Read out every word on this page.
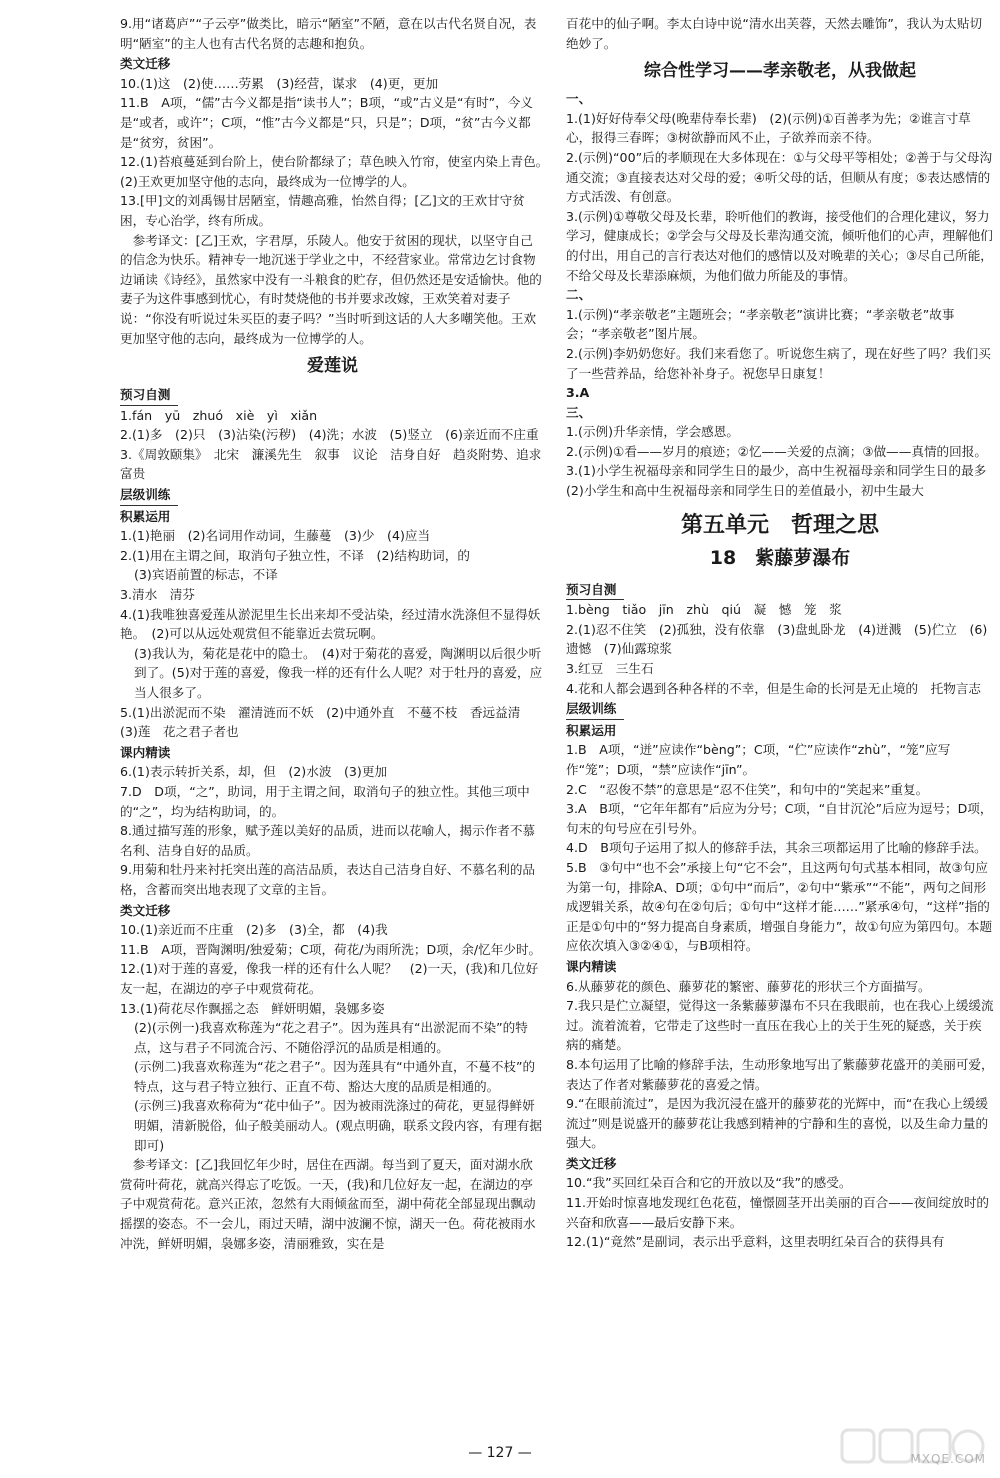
9.用“诸葛庐”“子云亭”做类比，暗示“陋室”不陋，意在以古代名贤自况，表明“陋室”的主人也有古代名贤的志趣和抱负。

类文迁移

10.(1)这　(2)使……劳累　(3)经营，谋求　(4)更，更加

11.B　A项，“儒”古今义都是指“读书人”；B项，“或”古义是“有时”，今义是“或者，或许”；C项，“惟”古今义都是“只，只是”；D项，“贫”古今义都是“贫穷，贫困”。

12.(1)苔痕蔓延到台阶上，使台阶都绿了；草色映入竹帘，使室内染上青色。　(2)王欢更加坚守他的志向，最终成为一位博学的人。

13.[甲]文的刘禹锡甘居陋室，情趣高雅，怡然自得；[乙]文的王欢甘守贫困，专心治学，终有所成。

　参考译文：[乙]王欢，字君厚，乐陵人。他安于贫困的现状，以坚守自己的信念为快乐。精神专一地沉迷于学业之中，不经营家业。常常边乞讨食物边诵读《诗经》，虽然家中没有一斗粮食的贮存，但仍然还是安适愉快。他的妻子为这件事感到忧心，有时焚烧他的书并要求改嫁，王欢笑着对妻子说：“你没有听说过朱买臣的妻子吗？”当时听到这话的人大多嘲笑他。王欢更加坚守他的志向，最终成为一位博学的人。

爱莲说
预习自测

1.fán　yū　zhuó　xiè　yì　xiǎn

2.(1)多　(2)只　(3)沾染(污秽)　(4)洗；水波　(5)竖立　(6)亲近而不庄重

3.《周敦颐集》　北宋　濂溪先生　叙事　议论　洁身自好　趋炎附势、追求富贵

层级训练
积累运用

1.(1)艳丽　(2)名词用作动词，生藤蔓　(3)少　(4)应当

2.(1)用在主谓之间，取消句子独立性，不译　(2)结构助词，的

(3)宾语前置的标志，不译

3.清水　清芬

4.(1)我唯独喜爱莲从淤泥里生长出来却不受沾染，经过清水洗涤但不显得妖艳。　(2)可以从远处观赏但不能靠近去赏玩啊。

(3)我认为，菊花是花中的隐士。　(4)对于菊花的喜爱，陶渊明以后很少听到了。(5)对于莲的喜爱，像我一样的还有什么人呢？对于牡丹的喜爱，应当人很多了。

5.(1)出淤泥而不染　濯清涟而不妖　(2)中通外直　不蔓不枝　香远益清　(3)莲　花之君子者也

课内精读

6.(1)表示转折关系，却，但　(2)水波　(3)更加

7.D　D项，“之”，助词，用于主谓之间，取消句子的独立性。其他三项中的“之”，均为结构助词，的。

8.通过描写莲的形象，赋予莲以美好的品质，进而以花喻人，揭示作者不慕名利、洁身自好的品质。

9.用菊和牡丹来衬托突出莲的高洁品质，表达自己洁身自好、不慕名利的品格，含蓄而突出地表现了文章的主旨。

类文迁移

10.(1)亲近而不庄重　(2)多　(3)全，都　(4)我

11.B　A项，晋陶渊明/独爱菊；C项，荷花/为雨所洗；D项，余/忆年少时。

12.(1)对于莲的喜爱，像我一样的还有什么人呢？　(2)一天，(我)和几位好友一起，在湖边的亭子中观赏荷花。

13.(1)荷花尽作飘摇之态　鲜妍明媚，袅娜多姿

(2)(示例一)我喜欢称莲为“花之君子”。因为莲具有“出淤泥而不染”的特点，这与君子不同流合污、不随俗浮沉的品质是相通的。

(示例二)我喜欢称莲为“花之君子”。因为莲具有“中通外直，不蔓不枝”的特点，这与君子特立独行、正直不苟、豁达大度的品质是相通的。

(示例三)我喜欢称荷为“花中仙子”。因为被雨洗涤过的荷花，更显得鲜妍明媚，清新脱俗，仙子般美丽动人。(观点明确，联系文段内容，有理有据即可)

　参考译文：[乙]我回忆年少时，居住在西湖。每当到了夏天，面对湖水欣赏荷叶荷花，就高兴得忘了吃饭。一天，(我)和几位好友一起，在湖边的亭子中观赏荷花。意兴正浓，忽然有大雨倾盆而至，湖中荷花全部显现出飘动摇摆的姿态。不一会儿，雨过天晴，湖中波澜不惊，湖天一色。荷花被雨水冲洗，鲜妍明媚，袅娜多姿，清丽雅致，实在是

百花中的仙子啊。李太白诗中说“清水出芙蓉，天然去雕饰”，我认为太贴切绝妙了。

综合性学习——孝亲敬老，从我做起
一、

1.(1)好好侍奉父母(晚辈侍奉长辈)　(2)(示例)①百善孝为先；②谁言寸草心，报得三春晖；③树欲静而风不止，子欲养而亲不待。

2.(示例)“00”后的孝顺现在大多体现在：①与父母平等相处；②善于与父母沟通交流；③直接表达对父母的爱；④听父母的话，但顺从有度；⑤表达感情的方式活泼、有创意。

3.(示例)①尊敬父母及长辈，聆听他们的教诲，接受他们的合理化建议，努力学习，健康成长；②学会与父母及长辈沟通交流，倾听他们的心声，理解他们的付出，用自己的言行表达对他们的感情以及对晚辈的关心；③尽自己所能，不给父母及长辈添麻烦，为他们做力所能及的事情。

二、

1.(示例)“孝亲敬老”主题班会；“孝亲敬老”演讲比赛；“孝亲敬老”故事会；“孝亲敬老”图片展。

2.(示例)李奶奶您好。我们来看您了。听说您生病了，现在好些了吗？我们买了一些营养品，给您补补身子。祝您早日康复！

3.A

三、

1.(示例)升华亲情，学会感恩。

2.(示例)①看——岁月的痕迹；②忆——关爱的点滴；③做——真情的回报。

3.(1)小学生祝福母亲和同学生日的最少，高中生祝福母亲和同学生日的最多　(2)小学生和高中生祝福母亲和同学生日的差值最小，初中生最大

第五单元　哲理之思
18　紫藤萝瀑布
预习自测

1.bèng　tiǎo　jīn　zhù　qiú　凝　憾　笼　浆

2.(1)忍不住笑　(2)孤独，没有依靠　(3)盘虬卧龙　(4)迸溅　(5)伫立　(6)遗憾　(7)仙露琼浆

3.红豆　三生石

4.花和人都会遇到各种各样的不幸，但是生命的长河是无止境的　托物言志

层级训练
积累运用

1.B　A项，“迸”应读作“bèng”；C项，“伫”应读作“zhù”，“笼”应写作“笼”；D项，“禁”应读作“jīn”。

2.C　“忍俊不禁”的意思是“忍不住笑”，和句中的“笑起来”重复。

3.A　B项，“它年年都有”后应为分号；C项，“自甘沉沦”后应为逗号；D项，句末的句号应在引号外。

4.D　B项句子运用了拟人的修辞手法，其余三项都运用了比喻的修辞手法。

5.B　③句中“也不会”承接上句“它不会”，且这两句句式基本相同，故③句应为第一句，排除A、D项；①句中“而后”，②句中“紫承”“不能”，两句之间形成逻辑关系，故④句在②句后；①句中“这样才能……”紧承④句，“这样”指的正是①句中的“努力提高自身素质，增强自身能力”，故①句应为第四句。本题应依次填入③②④①，与B项相符。

课内精读

6.从藤萝花的颜色、藤萝花的繁密、藤萝花的形状三个方面描写。

7.我只是伫立凝望，觉得这一条紫藤萝瀑布不只在我眼前，也在我心上缓缓流过。流着流着，它带走了这些时一直压在我心上的关于生死的疑惑，关于疾病的痛楚。

8.本句运用了比喻的修辞手法，生动形象地写出了紫藤萝花盛开的美丽可爱，表达了作者对紫藤萝花的喜爱之情。

9.“在眼前流过”，是因为我沉浸在盛开的藤萝花的光辉中，而“在我心上缓缓流过”则是说盛开的藤萝花让我感到精神的宁静和生的喜悦，以及生命力量的强大。

类文迁移

10.“我”买回红朵百合和它的开放以及“我”的感受。

11.开始时惊喜地发现红色花苞，憧憬圆茎开出美丽的百合——夜间绽放时的兴奋和欣喜——最后安静下来。

12.(1)“竟然”是副词，表示出乎意料，这里表明红朵百合的获得具有

— 127 —	MXQE.COM
